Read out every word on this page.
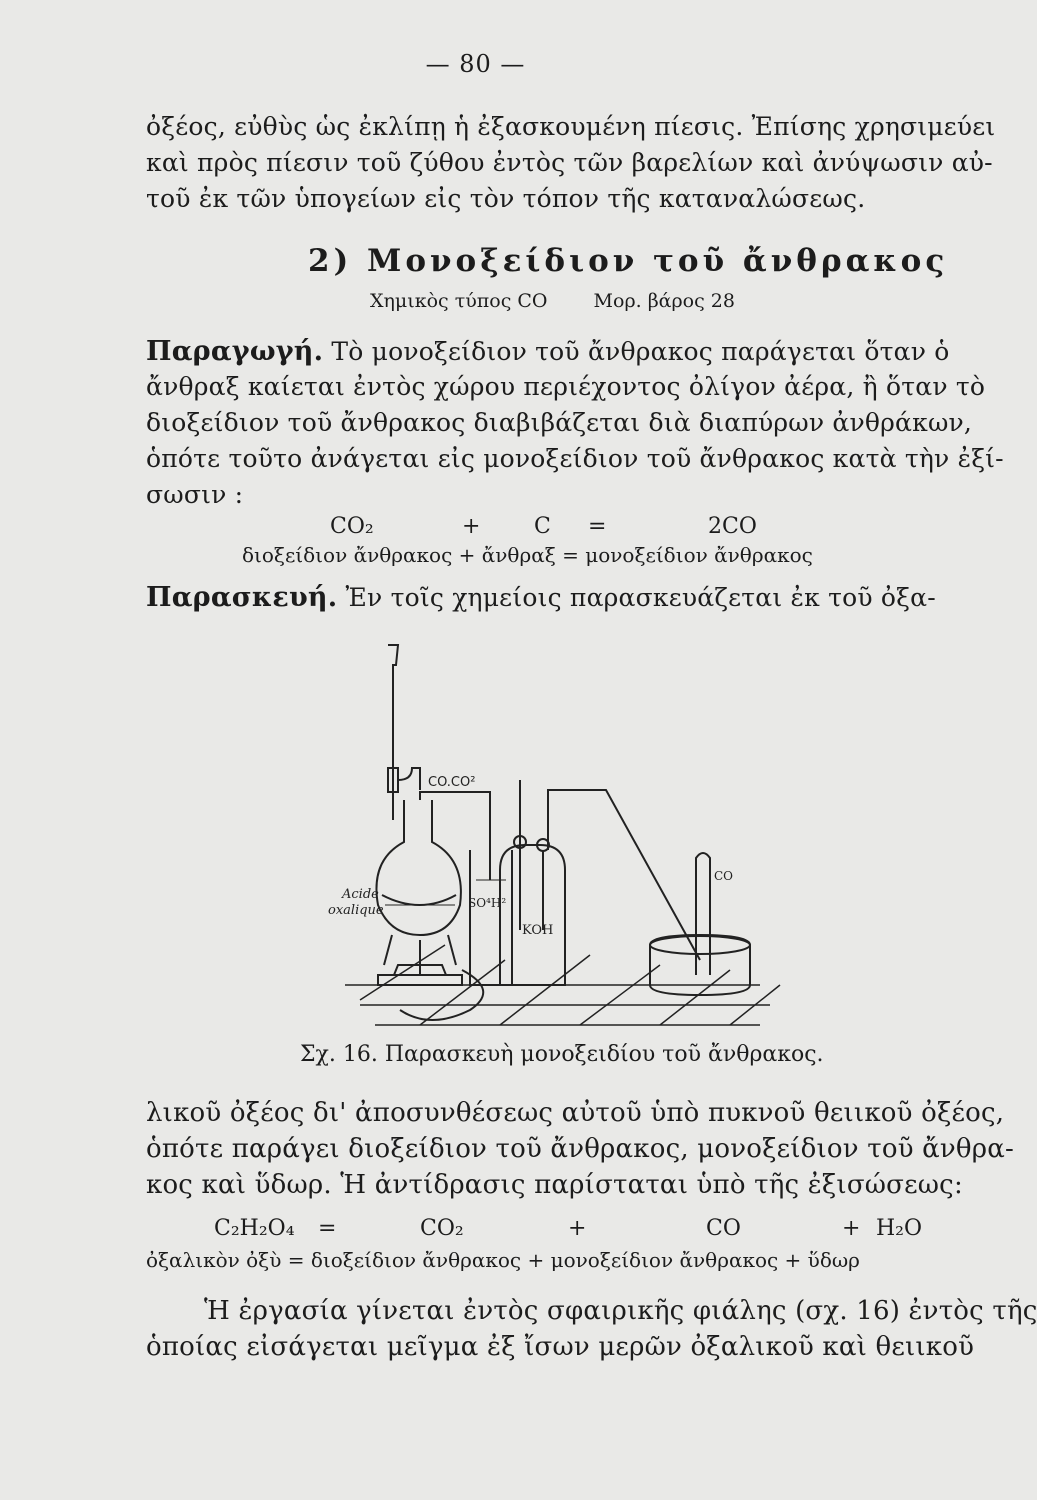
— 80 —
ὀξέος, εὐθὺς ὡς ἐκλίπῃ ἡ ἐξασκουμένη πίεσις. Ἐπίσης χρησιμεύει
καὶ πρὸς πίεσιν τοῦ ζύθου ἐντὸς τῶν βαρελίων καὶ ἀνύψωσιν αὐ-
τοῦ ἐκ τῶν ὑπογείων εἰς τὸν τόπον τῆς καταναλώσεως.
2) Μονοξείδιον τοῦ ἄνθρακος
Χημικὸς τύπος CO Μορ. βάρος 28
Παραγωγή. Τὸ μονοξείδιον τοῦ ἄνθρακος παράγεται ὅταν ὁ
ἄνθραξ καίεται ἐντὸς χώρου περιέχοντος ὀλίγον ἀέρα, ἢ ὅταν τὸ
διοξείδιον τοῦ ἄνθρακος διαβιβάζεται διὰ διαπύρων ἀνθράκων,
ὁπότε τοῦτο ἀνάγεται εἰς μονοξείδιον τοῦ ἄνθρακος κατὰ τὴν ἐξί-
σωσιν :
CO₂	+ C =	2CO
διοξείδιον ἄνθρακος + ἄνθραξ = μονοξείδιον ἄνθρακος
Παρασκευή. Ἐν τοῖς χημείοις παρασκευάζεται ἐκ τοῦ ὀξα-
CO.CO²
Acide
oxalique	SO⁴H²
KOH
CO
Σχ. 16. Παρασκευὴ μονοξειδίου τοῦ ἄνθρακος.
λικοῦ ὀξέος δι' ἀποσυνθέσεως αὐτοῦ ὑπὸ πυκνοῦ θειικοῦ ὀξέος,
ὁπότε παράγει διοξείδιον τοῦ ἄνθρακος, μονοξείδιον τοῦ ἄνθρα-
κος καὶ ὕδωρ. Ἡ ἀντίδρασις παρίσταται ὑπὸ τῆς ἐξισώσεως:
C₂H₂O₄ =	CO₂	+	CO	+ H₂O
ὀξαλικὸν ὀξὺ = διοξείδιον ἄνθρακος + μονοξείδιον ἄνθρακος + ὕδωρ
Ἡ ἐργασία γίνεται ἐντὸς σφαιρικῆς φιάλης (σχ. 16) ἐντὸς τῆς
ὁποίας εἰσάγεται μεῖγμα ἐξ ἴσων μερῶν ὀξαλικοῦ καὶ θειικοῦ
